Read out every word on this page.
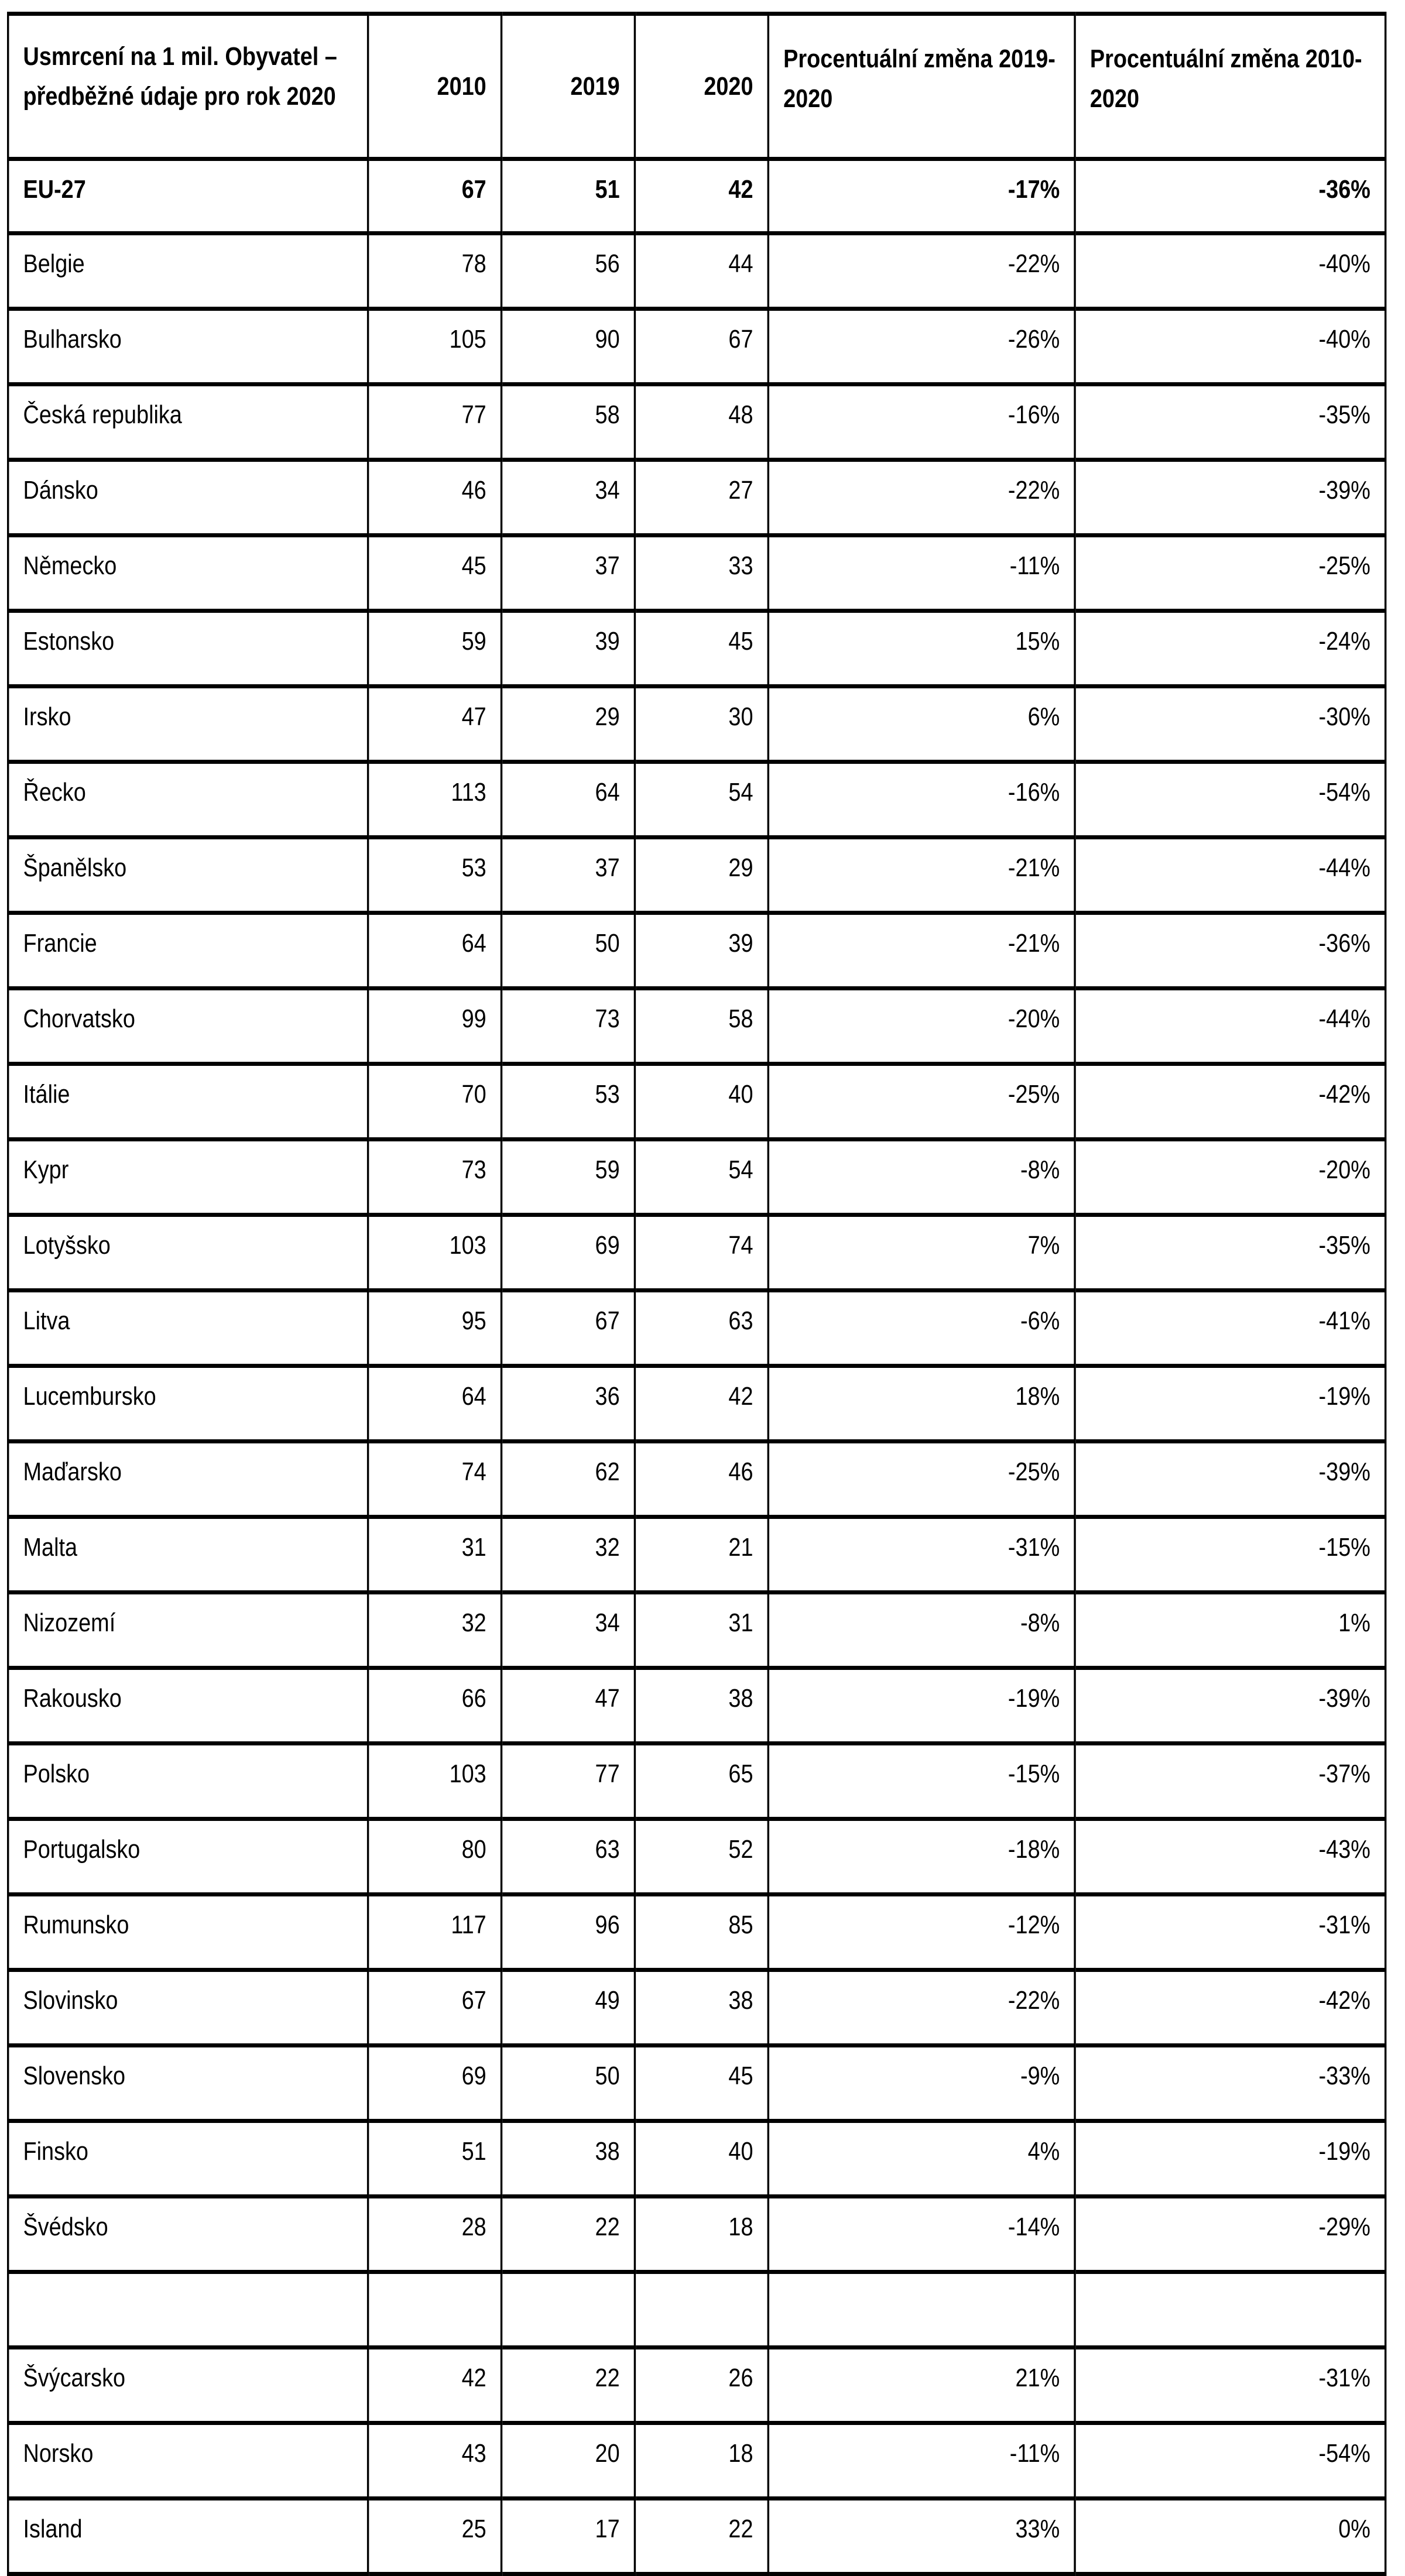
Usmrcení na 1 mil. Obyvatel – předběžné údaje pro rok 2020	2010	2019	2020	Procentuální změna 2019-2020	Procentuální změna 2010-2020
EU-27	67	51	42	-17%	-36%
Belgie	78	56	44	-22%	-40%
Bulharsko	105	90	67	-26%	-40%
Česká republika	77	58	48	-16%	-35%
Dánsko	46	34	27	-22%	-39%
Německo	45	37	33	-11%	-25%
Estonsko	59	39	45	15%	-24%
Irsko	47	29	30	6%	-30%
Řecko	113	64	54	-16%	-54%
Španělsko	53	37	29	-21%	-44%
Francie	64	50	39	-21%	-36%
Chorvatsko	99	73	58	-20%	-44%
Itálie	70	53	40	-25%	-42%
Kypr	73	59	54	-8%	-20%
Lotyšsko	103	69	74	7%	-35%
Litva	95	67	63	-6%	-41%
Lucembursko	64	36	42	18%	-19%
Maďarsko	74	62	46	-25%	-39%
Malta	31	32	21	-31%	-15%
Nizozemí	32	34	31	-8%	1%
Rakousko	66	47	38	-19%	-39%
Polsko	103	77	65	-15%	-37%
Portugalsko	80	63	52	-18%	-43%
Rumunsko	117	96	85	-12%	-31%
Slovinsko	67	49	38	-22%	-42%
Slovensko	69	50	45	-9%	-33%
Finsko	51	38	40	4%	-19%
Švédsko	28	22	18	-14%	-29%

Švýcarsko	42	22	26	21%	-31%
Norsko	43	20	18	-11%	-54%
Island	25	17	22	33%	0%
